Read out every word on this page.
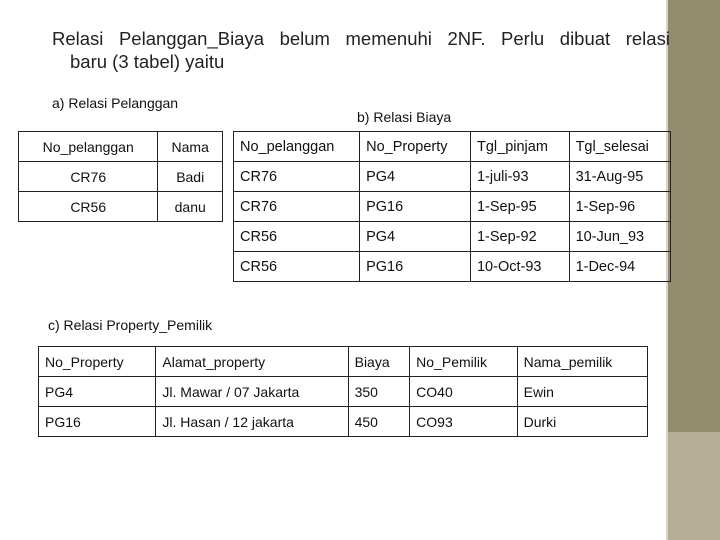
Relasi Pelanggan_Biaya belum memenuhi 2NF. Perlu dibuat relasi
baru (3 tabel) yaitu
a) Relasi Pelanggan
b) Relasi Biaya
c) Relasi Property_Pemilik
No_pelanggan	Nama
CR76	Badi
CR56	danu
No_pelanggan	No_Property	Tgl_pinjam	Tgl_selesai
CR76	PG4	1-juli-93	31-Aug-95
CR76	PG16	1-Sep-95	1-Sep-96
CR56	PG4	1-Sep-92	10-Jun_93
CR56	PG16	10-Oct-93	1-Dec-94
No_Property	Alamat_property	Biaya	No_Pemilik	Nama_pemilik
PG4	Jl. Mawar / 07 Jakarta	350	CO40	Ewin
PG16	Jl. Hasan / 12 jakarta	450	CO93	Durki
